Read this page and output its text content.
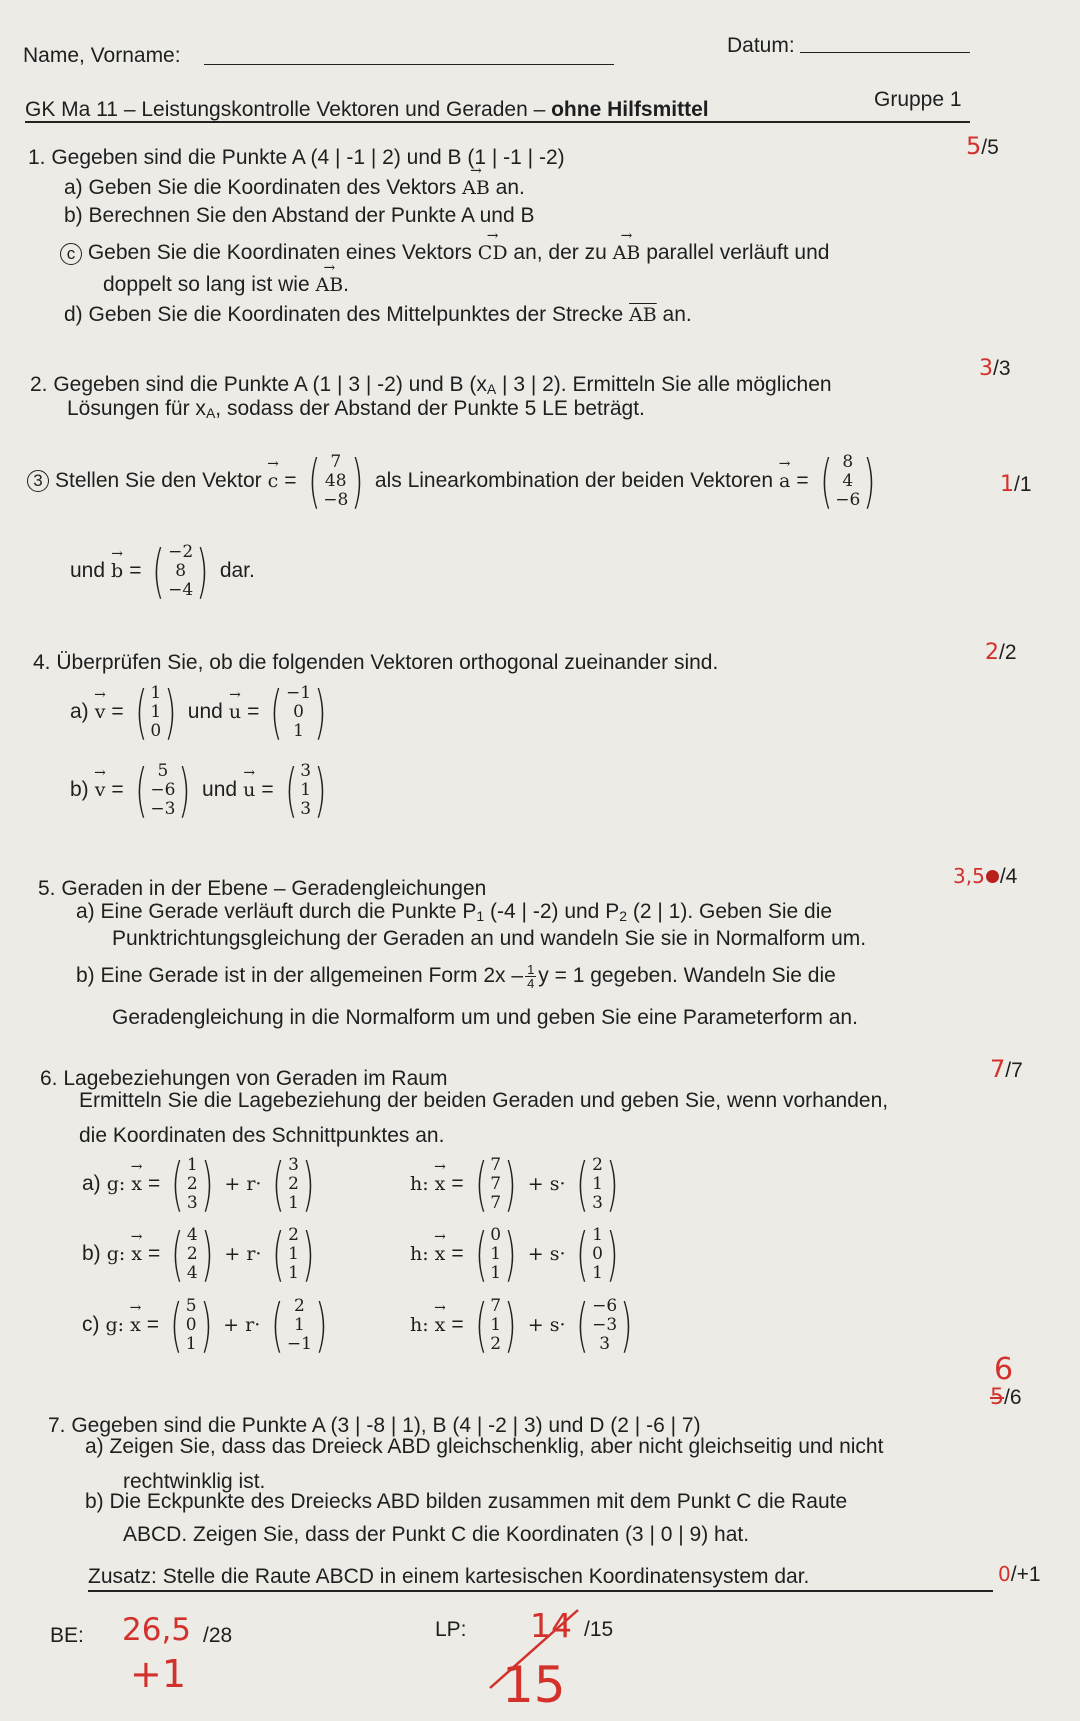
Name, Vorname:	Datum:
GK Ma 11 – Leistungskontrolle Vektoren und Geraden – ohne Hilfsmittel	Gruppe 1
1. Gegeben sind die Punkte A (4 | -1 | 2) und B (1 | -1 | -2)	5/5
a) Geben Sie die Koordinaten des Vektors → AB an.
b) Berechnen Sie den Abstand der Punkte A und B
c Geben Sie die Koordinaten eines Vektors → CD an, der zu → AB parallel verläuft und
doppelt so lang ist wie → AB.
d) Geben Sie die Koordinaten des Mittelpunktes der Strecke $\overline{AB}$ an.
2. Gegeben sind die Punkte A (1 | 3 | -2) und B ($x_A$ | 3 | 2). Ermitteln Sie alle möglichen
Lösungen für $x_A$, sodass der Abstand der Punkte 5 LE beträgt.
3/3
3 Stellen Sie den Vektor → c = ( 7
48
−8 ) als Linearkombination der beiden Vektoren → a = ( 8
4
−6 )	1/1
und → b = ( −2
8
−4 ) dar.
4. Überprüfen Sie, ob die folgenden Vektoren orthogonal zueinander sind.	2/2
a) → v = ( 1
1
0 ) und → u = ( −1
0
1 )
b) → v = ( 5
−6
−3 ) und → u = ( 3
1
3 )
5. Geraden in der Ebene – Geradengleichungen
3,5 /4
a) Eine Gerade verläuft durch die Punkte $P_1$ (-4 | -2) und $P_2$ (2 | 1). Geben Sie die
Punktrichtungsgleichung der Geraden an und wandeln Sie sie in Normalform um.
b) Eine Gerade ist in der allgemeinen Form $2x - \frac{1}{4}$ y = 1 gegeben. Wandeln Sie die
Geradengleichung in die Normalform um und geben Sie eine Parameterform an.
6. Lagebeziehungen von Geraden im Raum	7/7
Ermitteln Sie die Lagebeziehung der beiden Geraden und geben Sie, wenn vorhanden,
die Koordinaten des Schnittpunktes an.
a) g: → x = ( 1
2
3 ) + r· ( 3
2
1 )	h: → x = ( 7
7
7 ) + s· ( 2
1
3 )
b) g: → x = ( 4
2
4 ) + r· ( 2
1
1 )	h: → x = ( 0
1
1 ) + s· ( 1
0
1 )
c) g: → x = ( 5
0
1 ) + r· ( 2
1
−1 )	h: → x = ( 7
1
2 ) + s· ( −6
−3
3 )
6
5/6
7. Gegeben sind die Punkte A (3 | -8 | 1), B (4 | -2 | 3) und D (2 | -6 | 7)
a) Zeigen Sie, dass das Dreieck ABD gleichschenklig, aber nicht gleichseitig und nicht
rechtwinklig ist.
b) Die Eckpunkte des Dreiecks ABD bilden zusammen mit dem Punkt C die Raute
ABCD. Zeigen Sie, dass der Punkt C die Koordinaten (3 | 0 | 9) hat.
Zusatz: Stelle die Raute ABCD in einem kartesischen Koordinatensystem dar.	0/+1
BE: 26,5 /28
+1
LP: 14 /15
15
